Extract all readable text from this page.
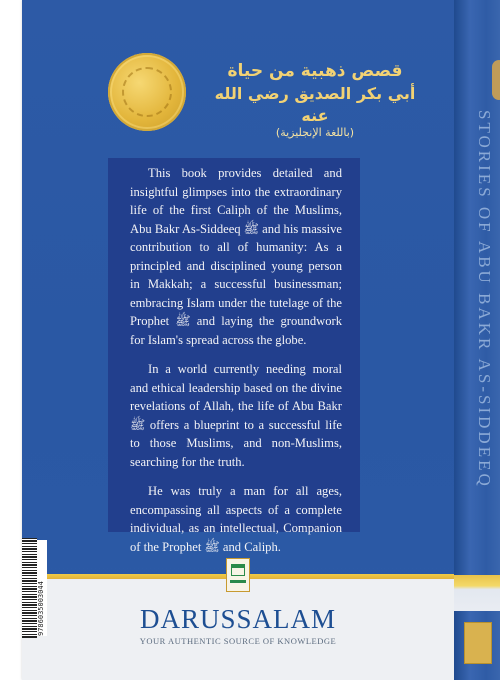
STORIES OF ABU BAKR AS-SIDDEEQ
قصص ذهبية من حياة
أبي بكر الصديق رضي الله عنه
(باللغة الإنجليزية)

This book provides detailed and insightful glimpses into the extraordinary life of the first Caliph of the Muslims, Abu Bakr As-Siddeeq ﷺ and his massive contribution to all of humanity: As a principled and disciplined young person in Makkah; a successful businessman; embracing Islam under the tutelage of the Prophet ﷺ and laying the groundwork for Islam's spread across the globe.

In a world currently needing moral and ethical leadership based on the divine revelations of Allah, the life of Abu Bakr ﷺ offers a blueprint to a successful life to those Muslims, and non-Muslims, searching for the truth.

He was truly a man for all ages, encompassing all aspects of a complete individual, as an intellectual, Companion of the Prophet ﷺ and Caliph.

9786035003044	DARUSSALAM
YOUR AUTHENTIC SOURCE OF KNOWLEDGE
